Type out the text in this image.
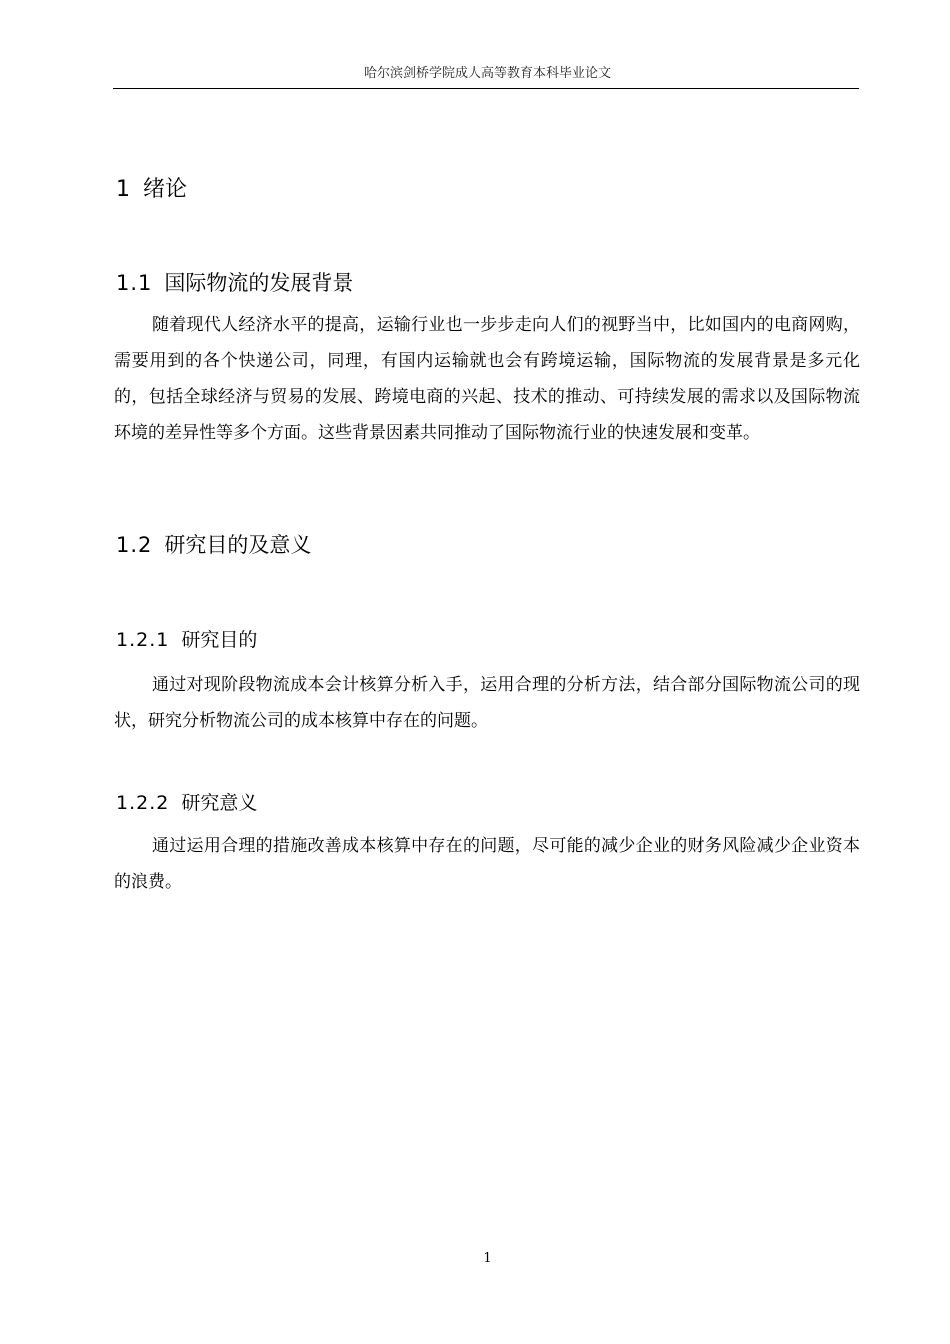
哈尔滨剑桥学院成人高等教育本科毕业论文
1 绪论
1.1 国际物流的发展背景

随着现代人经济水平的提高，运输行业也一步步走向人们的视野当中，比如国内的电商网购，需要用到的各个快递公司，同理，有国内运输就也会有跨境运输，国际物流的发展背景是多元化的，包括全球经济与贸易的发展、跨境电商的兴起、技术的推动、可持续发展的需求以及国际物流环境的差异性等多个方面。这些背景因素共同推动了国际物流行业的快速发展和变革。

1.2 研究目的及意义
1.2.1 研究目的

通过对现阶段物流成本会计核算分析入手，运用合理的分析方法，结合部分国际物流公司的现状，研究分析物流公司的成本核算中存在的问题。

1.2.2 研究意义

通过运用合理的措施改善成本核算中存在的问题，尽可能的减少企业的财务风险减少企业资本的浪费。

1
